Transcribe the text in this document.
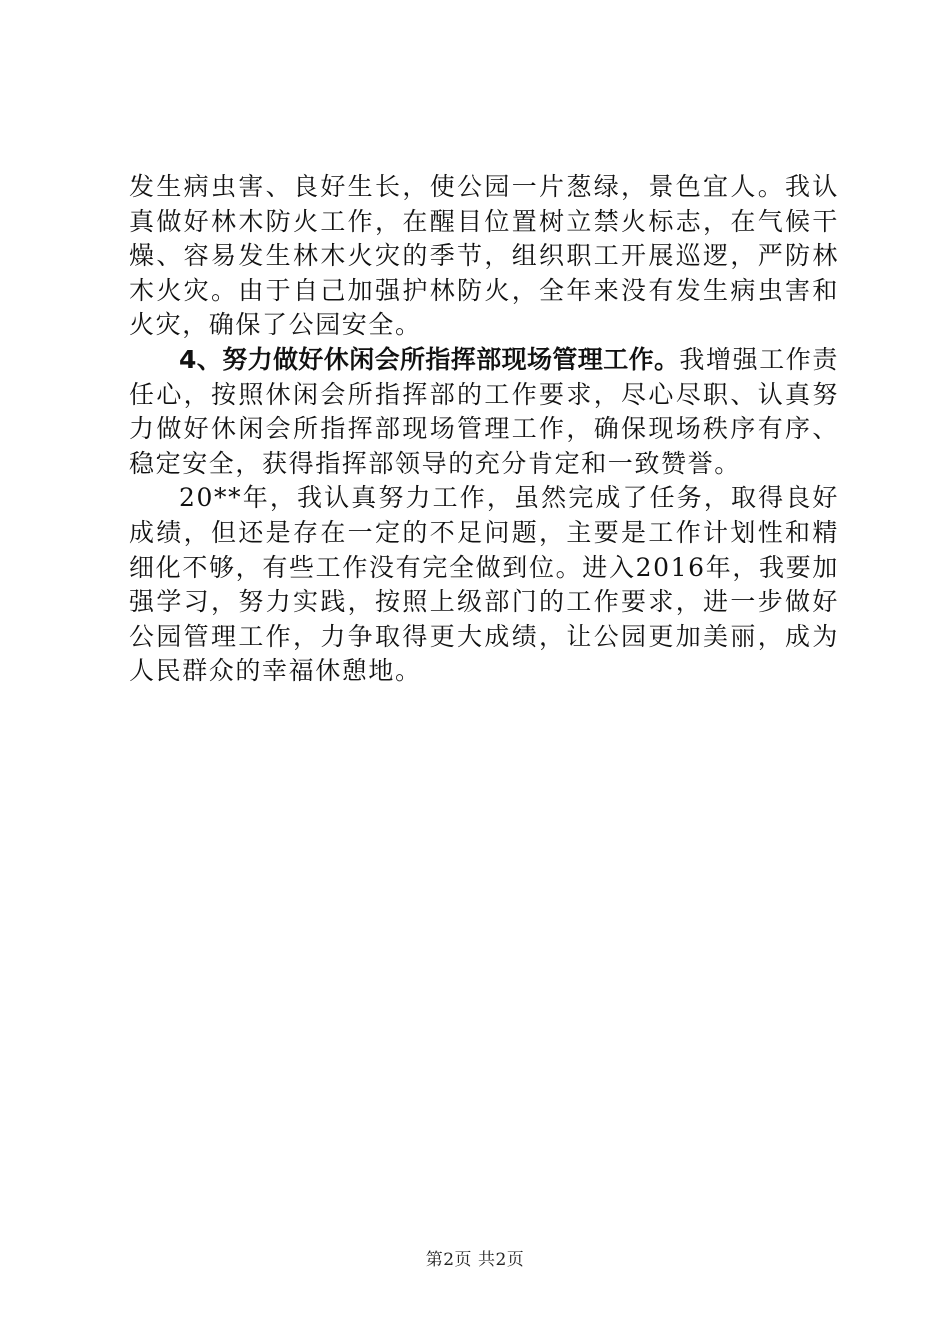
发生病虫害、良好生长，使公园一片葱绿，景色宜人。我认真做好林木防火工作，在醒目位置树立禁火标志，在气候干燥、容易发生林木火灾的季节，组织职工开展巡逻，严防林木火灾。由于自己加强护林防火，全年来没有发生病虫害和火灾，确保了公园安全。

4、努力做好休闲会所指挥部现场管理工作。我增强工作责任心，按照休闲会所指挥部的工作要求，尽心尽职、认真努力做好休闲会所指挥部现场管理工作，确保现场秩序有序、稳定安全，获得指挥部领导的充分肯定和一致赞誉。

20**年，我认真努力工作，虽然完成了任务，取得良好成绩，但还是存在一定的不足问题，主要是工作计划性和精细化不够，有些工作没有完全做到位。进入2016年，我要加强学习，努力实践，按照上级部门的工作要求，进一步做好公园管理工作，力争取得更大成绩，让公园更加美丽，成为人民群众的幸福休憩地。

第2页 共2页
